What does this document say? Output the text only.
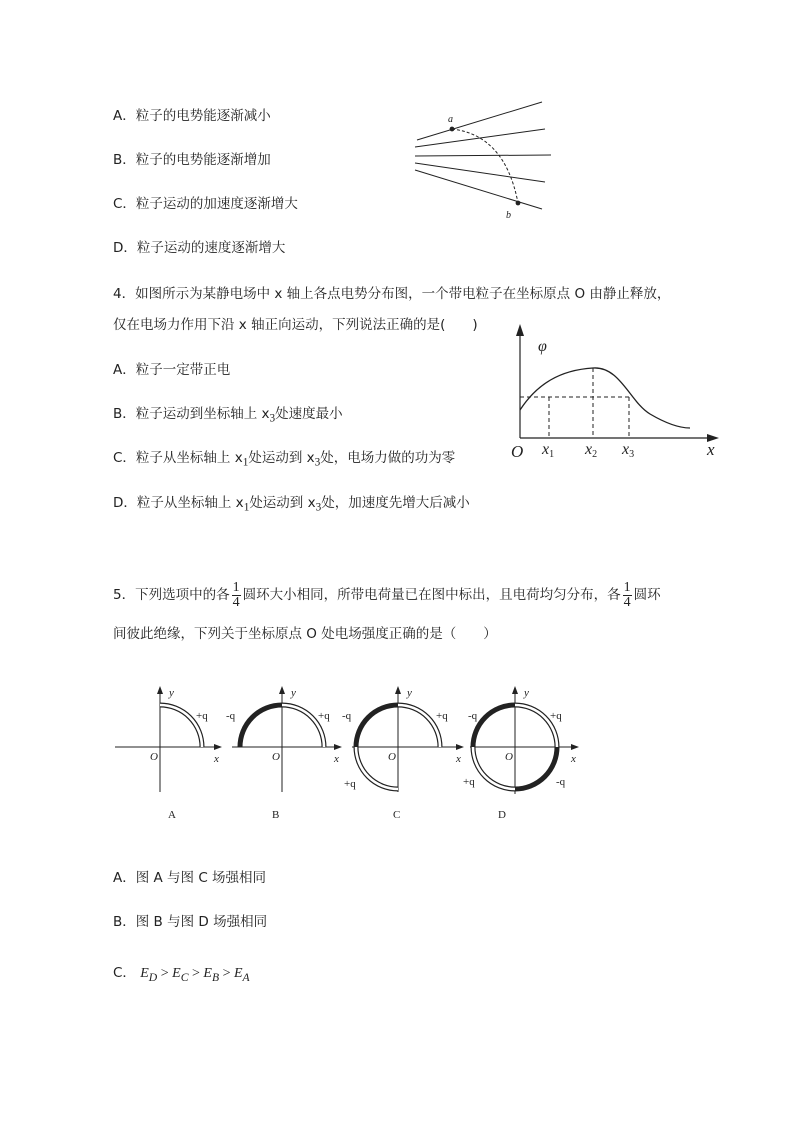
A．粒子的电势能逐渐减小
B．粒子的电势能逐渐增加
C．粒子运动的加速度逐渐增大
D．粒子运动的速度逐渐增大
a
b
4．如图所示为某静电场中 x 轴上各点电势分布图，一个带电粒子在坐标原点 O 由静止释放，
仅在电场力作用下沿 x 轴正向运动，下列说法正确的是(　　)
A．粒子一定带正电
B．粒子运动到坐标轴上 $x_3$处速度最小
C．粒子从坐标轴上 $x_1$处运动到 $x_3$处，电场力做的功为零
D．粒子从坐标轴上 $x_1$处运动到 $x_3$处，加速度先增大后减小
φ
O	x
x1 x2 x3
5．下列选项中的各 $\frac{1}{4}$ 圆环大小相同，所带电荷量已在图中标出，且电荷均匀分布，各 $\frac{1}{4}$ 圆环
间彼此绝缘，下列关于坐标原点 O 处电场强度正确的是（　　）
y
x
O
+q
A
y
x
O
-q	+q
B
y
x
O
-q	+q
+q
C
y
x
O
-q	+q
+q	-q
D
A．图 A 与图 C 场强相同
B．图 B 与图 D 场强相同
C． $E_D > E_C > E_B > E_A$
